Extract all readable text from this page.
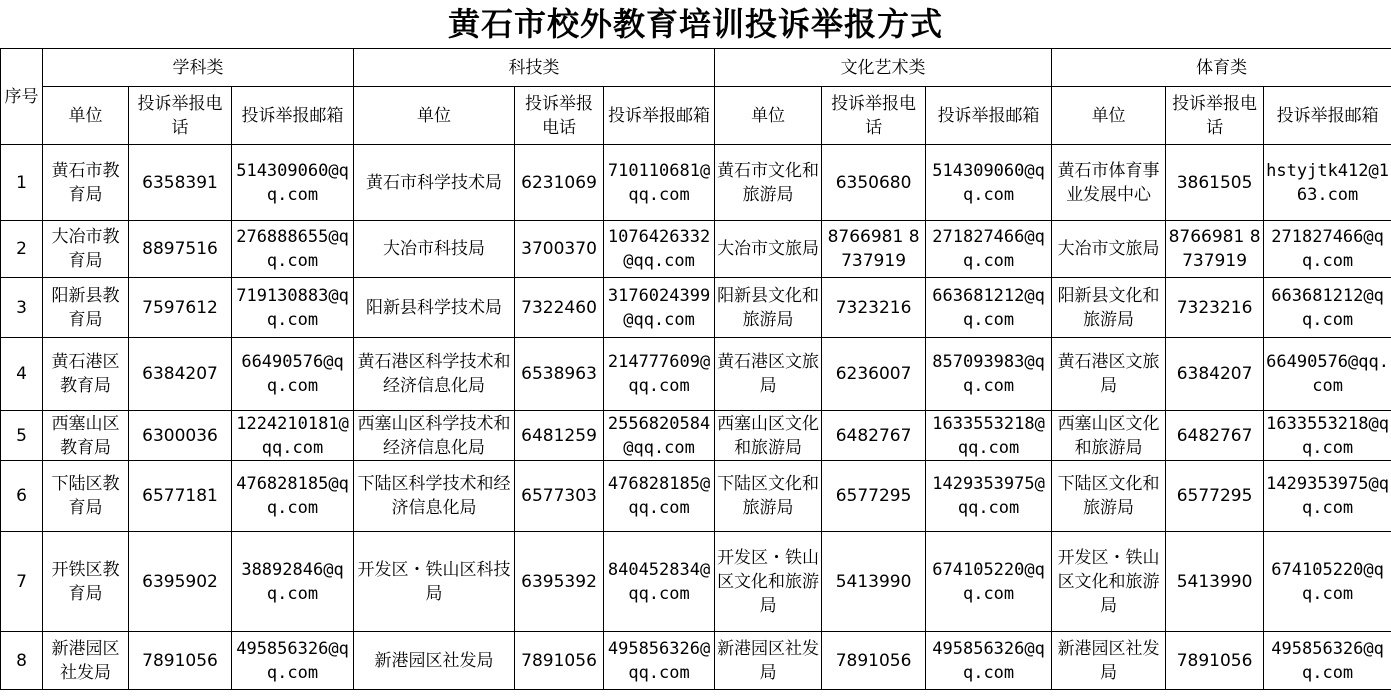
黄石市校外教育培训投诉举报方式
序号	学科类			科技类			文化艺术类			体育类		
	单位	投诉举报电话	投诉举报邮箱	单位	投诉举报电话	投诉举报邮箱	单位	投诉举报电话	投诉举报邮箱	单位	投诉举报电话	投诉举报邮箱
1	黄石市教育局	6358391	514309060@qq.com	黄石市科学技术局	6231069	710110681@qq.com	黄石市文化和旅游局	6350680	514309060@qq.com	黄石市体育事业发展中心	3861505	hstyjtk412@163.com
2	大冶市教育局	8897516	276888655@qq.com	大冶市科技局	3700370	1076426332@qq.com	大冶市文旅局	8766981 8737919	271827466@qq.com	大冶市文旅局	8766981 8737919	271827466@qq.com
3	阳新县教育局	7597612	719130883@qq.com	阳新县科学技术局	7322460	3176024399@qq.com	阳新县文化和旅游局	7323216	663681212@qq.com	阳新县文化和旅游局	7323216	663681212@qq.com
4	黄石港区教育局	6384207	66490576@qq.com	黄石港区科学技术和经济信息化局	6538963	214777609@qq.com	黄石港区文旅局	6236007	857093983@qq.com	黄石港区文旅局	6384207	66490576@qq.com
5	西塞山区教育局	6300036	1224210181@qq.com	西塞山区科学技术和经济信息化局	6481259	2556820584@qq.com	西塞山区文化和旅游局	6482767	1633553218@qq.com	西塞山区文化和旅游局	6482767	1633553218@qq.com
6	下陆区教育局	6577181	476828185@qq.com	下陆区科学技术和经济信息化局	6577303	476828185@qq.com	下陆区文化和旅游局	6577295	1429353975@qq.com	下陆区文化和旅游局	6577295	1429353975@qq.com
7	开铁区教育局	6395902	38892846@qq.com	开发区・铁山区科技局	6395392	840452834@qq.com	开发区・铁山区文化和旅游局	5413990	674105220@qq.com	开发区・铁山区文化和旅游局	5413990	674105220@qq.com
8	新港园区社发局	7891056	495856326@qq.com	新港园区社发局	7891056	495856326@qq.com	新港园区社发局	7891056	495856326@qq.com	新港园区社发局	7891056	495856326@qq.com
